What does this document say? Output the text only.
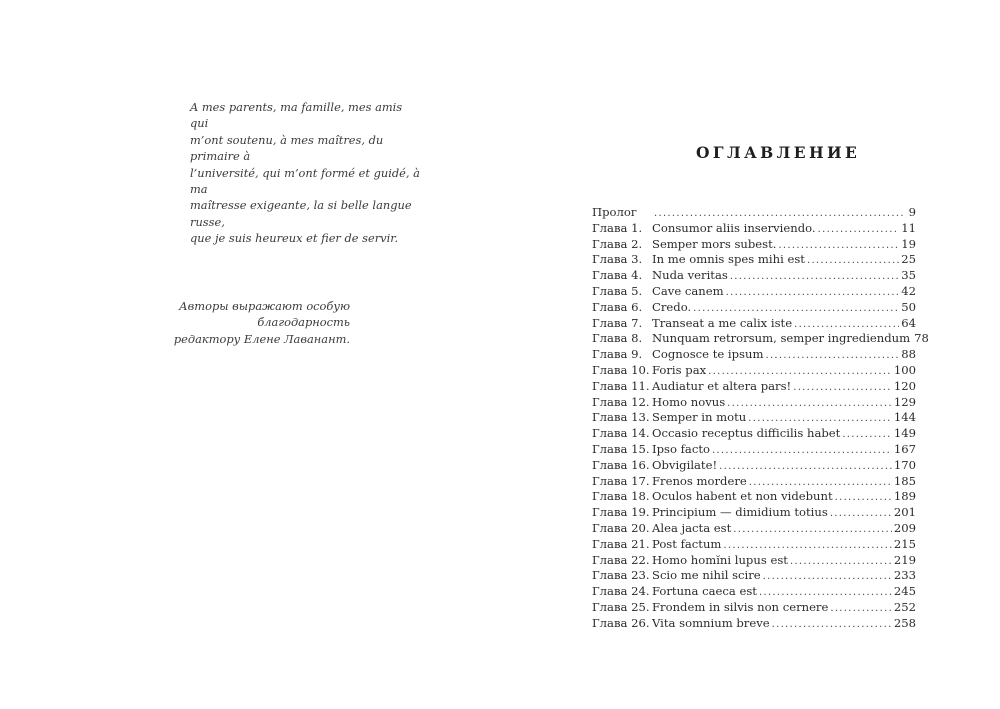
A mes parents, ma famille, mes amis qui

m’ont soutenu, à mes maîtres, du primaire à

l’université, qui m’ont formé et guidé, à ma

maîtresse exigeante, la si belle langue russe,

que je suis heureux et fier de servir.

Авторы выражают особую благодарность

редактору Елене Лаванант.

ОГЛАВЛЕНИЕ
Пролог .....	9
Глава 1. Consumor aliis inserviendo. .....	11
Глава 2. Semper mors subest. .....	19
Глава 3. In me omnis spes mihi est .....	25
Глава 4. Nuda veritas .....	35
Глава 5. Cave canem .....	42
Глава 6. Credo. .....	50
Глава 7. Transeat a me calix iste .....	64
Глава 8. Nunquam retrorsum, semper ingrediendum 78
Глава 9. Cognosce te ipsum .....	88
Глава 10. Foris pax .....	100
Глава 11. Audiatur et altera pars! .....	120
Глава 12. Homo novus .....	129
Глава 13. Semper in motu .....	144
Глава 14. Occasio receptus difficilis habet .....	149
Глава 15. Ipso facto .....	167
Глава 16. Obvigilate! .....	170
Глава 17. Frenos mordere .....	185
Глава 18. Oculos habent et non videbunt .....	189
Глава 19. Principium — dimidium totius .....	201
Глава 20. Alea jacta est .....	209
Глава 21. Post factum .....	215
Глава 22. Homo homĭni lupus est .....	219
Глава 23. Scio me nihil scire .....	233
Глава 24. Fortuna caeca est .....	245
Глава 25. Frondem in silvis non cernere .....	252
Глава 26. Vita somnium breve .....	258
